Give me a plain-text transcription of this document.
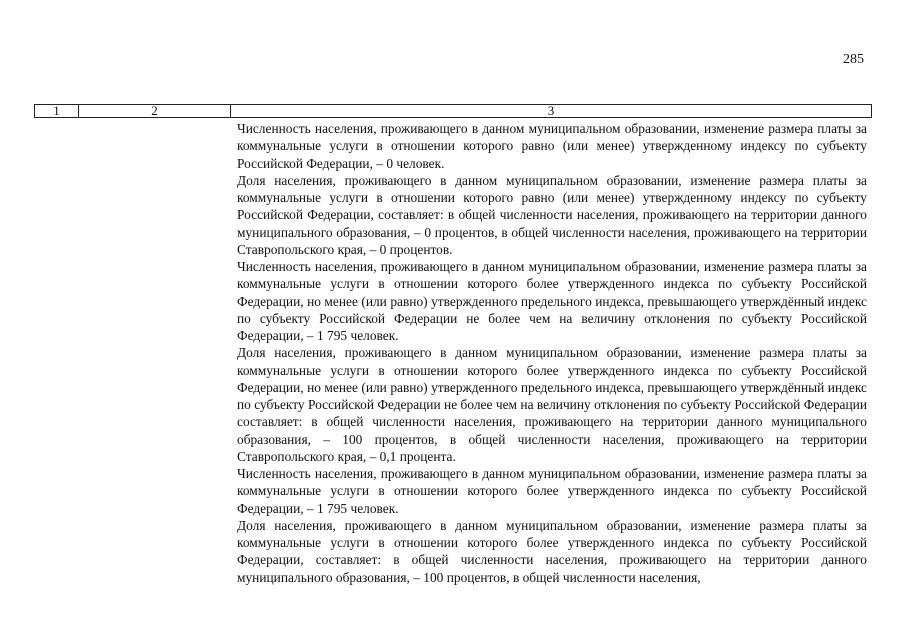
285
1	2	3

Численность населения, проживающего в данном муниципальном образовании, изменение размера платы за коммунальные услуги в отношении которого равно (или менее) утвержденному индексу по субъекту Российской Федерации, – 0 человек.

Доля населения, проживающего в данном муниципальном образовании, изменение размера платы за коммунальные услуги в отношении которого равно (или менее) утвержденному индексу по субъекту Российской Федерации, составляет: в общей численности населения, проживающего на территории данного муниципального образования, – 0 процентов, в общей численности населения, проживающего на территории Ставропольского края, – 0 процентов.

Численность населения, проживающего в данном муниципальном образовании, изменение размера платы за коммунальные услуги в отношении которого более утвержденного индекса по субъекту Российской Федерации, но менее (или равно) утвержденного предельного индекса, превышающего утверждённый индекс по субъекту Российской Федерации не более чем на величину отклонения по субъекту Российской Федерации, – 1 795 человек.

Доля населения, проживающего в данном муниципальном образовании, изменение размера платы за коммунальные услуги в отношении которого более утвержденного индекса по субъекту Российской Федерации, но менее (или равно) утвержденного предельного индекса, превышающего утверждённый индекс по субъекту Российской Федерации не более чем на величину отклонения по субъекту Российской Федерации составляет: в общей численности населения, проживающего на территории данного муниципального образования, – 100 процентов, в общей численности населения, проживающего на территории Ставропольского края, – 0,1 процента.

Численность населения, проживающего в данном муниципальном образовании, изменение размера платы за коммунальные услуги в отношении которого более утвержденного индекса по субъекту Российской Федерации, – 1 795 человек.

Доля населения, проживающего в данном муниципальном образовании, изменение размера платы за коммунальные услуги в отношении которого более утвержденного индекса по субъекту Российской Федерации, составляет: в общей численности населения, проживающего на территории данного муниципального образования, – 100 процентов, в общей численности населения,
